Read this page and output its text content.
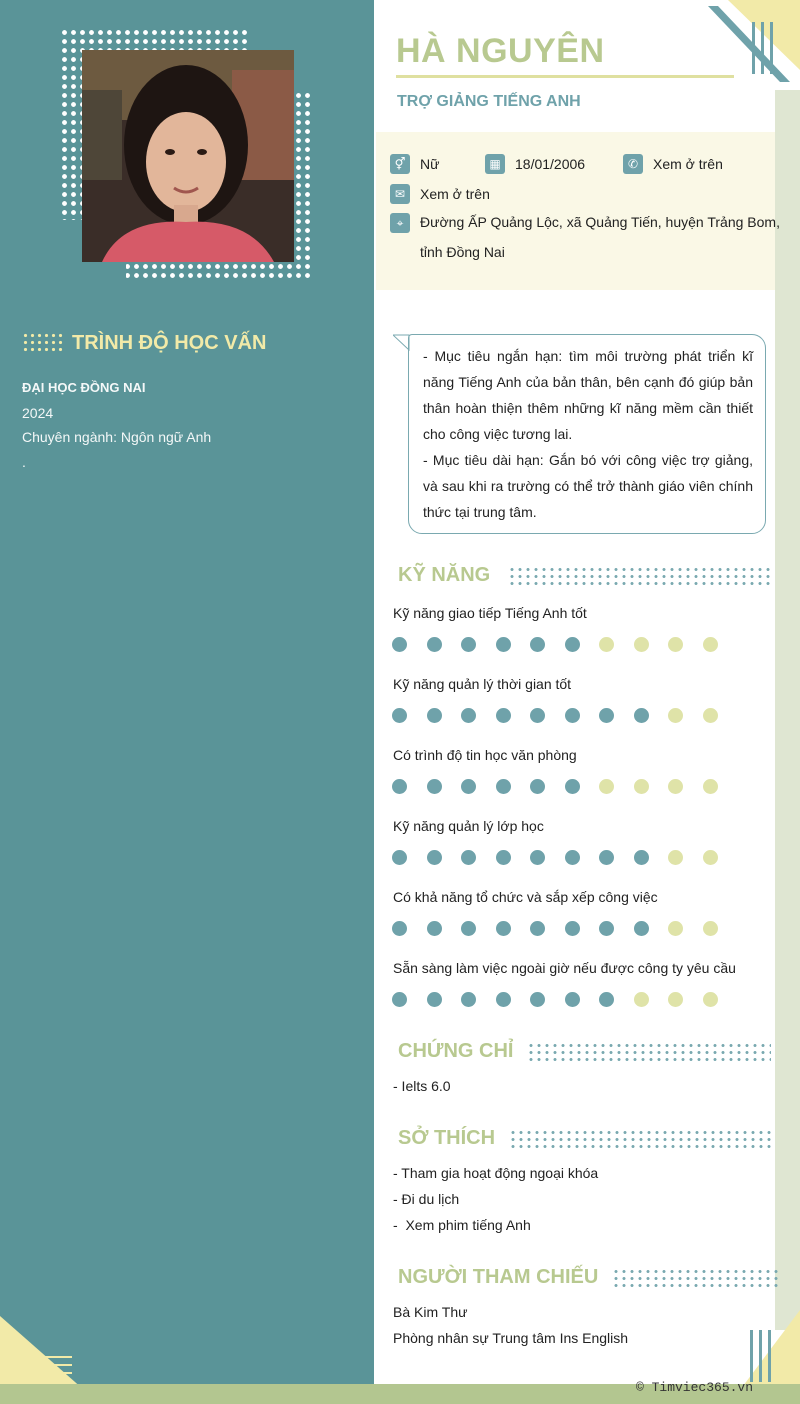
TRÌNH ĐỘ HỌC VẤN
ĐẠI HỌC ĐỒNG NAI
2024
Chuyên ngành: Ngôn ngữ Anh
.
HÀ NGUYÊN
TRỢ GIẢNG TIẾNG ANH
⚥	Nữ	▦	18/01/2006	✆	Xem ở trên
✉	Xem ở trên
⌖	Đường ẤP Quảng Lộc, xã Quảng Tiến, huyện Trảng Bom,
tỉnh Đồng Nai
- Mục tiêu ngắn hạn: tìm môi trường phát triển kĩ năng Tiếng Anh của bản thân, bên cạnh đó giúp bản thân hoàn thiện thêm những kĩ năng mềm cần thiết cho công việc tương lai.
- Mục tiêu dài hạn: Gắn bó với công việc trợ giảng, và sau khi ra trường có thể trở thành giáo viên chính thức tại trung tâm.
KỸ NĂNG
Kỹ năng giao tiếp Tiếng Anh tốt
Kỹ năng quản lý thời gian tốt
Có trình độ tin học văn phòng
Kỹ năng quản lý lớp học
Có khả năng tổ chức và sắp xếp công việc
Sẵn sàng làm việc ngoài giờ nếu được công ty yêu cầu
CHỨNG CHỈ
- Ielts 6.0
SỞ THÍCH
- Tham gia hoạt động ngoại khóa
- Đi du lịch
-  Xem phim tiếng Anh
NGƯỜI THAM CHIẾU
Bà Kim Thư
Phòng nhân sự Trung tâm Ins English
© Timviec365.vn
